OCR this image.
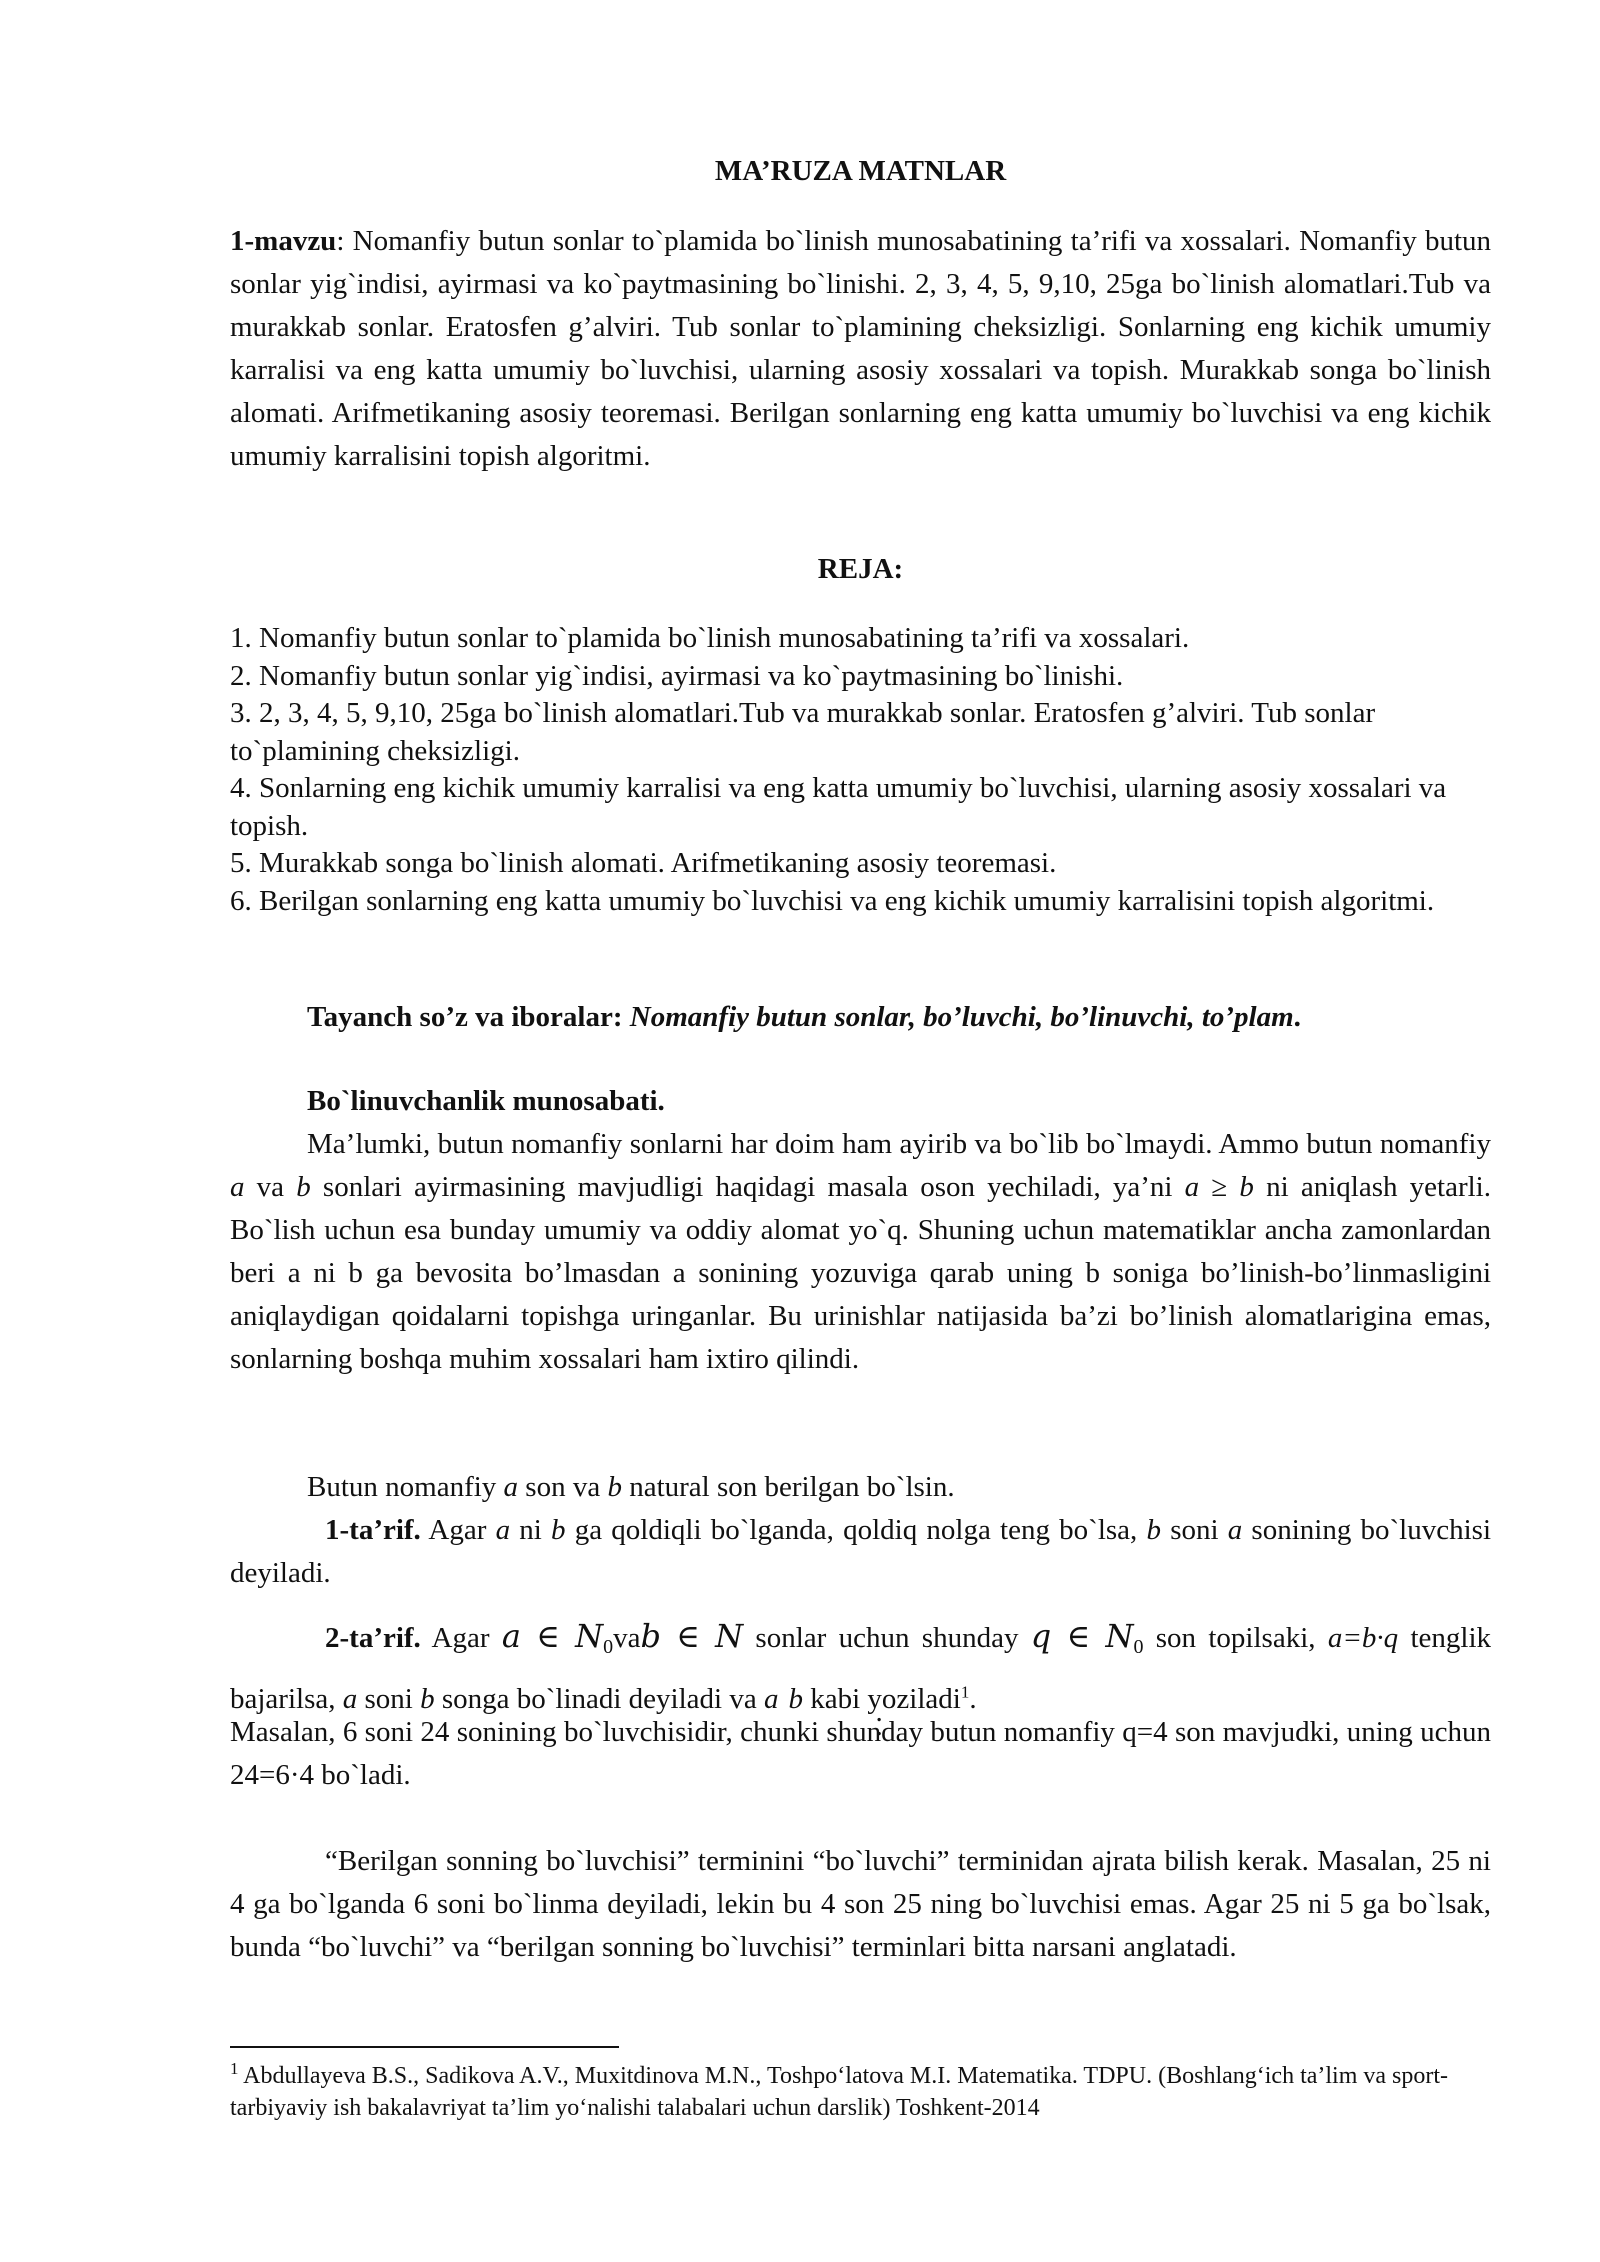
MA’RUZA MATNLAR
1-mavzu: Nomanfiy butun sonlar to`plamida bo`linish munosabatining ta’rifi va xossalari. Nomanfiy butun sonlar yig`indisi, ayirmasi va ko`paytmasining bo`linishi. 2, 3, 4, 5, 9,10, 25ga bo`linish alomatlari.Tub va murakkab sonlar. Eratosfen g’alviri. Tub sonlar to`plamining cheksizligi. Sonlarning eng kichik umumiy karralisi va eng katta umumiy bo`luvchisi, ularning asosiy xossalari va topish. Murakkab songa bo`linish alomati. Arifmetikaning asosiy teoremasi. Berilgan sonlarning eng katta umumiy bo`luvchisi va eng kichik umumiy karralisini topish algoritmi.
REJA:
1. Nomanfiy butun sonlar to`plamida bo`linish munosabatining ta’rifi va xossalari.
2. Nomanfiy butun sonlar yig`indisi, ayirmasi va ko`paytmasining bo`linishi.
3. 2, 3, 4, 5, 9,10, 25ga bo`linish alomatlari.Tub va murakkab sonlar. Eratosfen g’alviri. Tub sonlar to`plamining cheksizligi.
4. Sonlarning eng kichik umumiy karralisi va eng katta umumiy bo`luvchisi, ularning asosiy xossalari va topish.
5. Murakkab songa bo`linish alomati. Arifmetikaning asosiy teoremasi.
6. Berilgan sonlarning eng katta umumiy bo`luvchisi va eng kichik umumiy karralisini topish algoritmi.
Tayanch so’z va iboralar: Nomanfiy butun sonlar, bo’luvchi, bo’linuvchi, to’plam.
Bo`linuvchanlik munosabati.
Ma’lumki, butun nomanfiy sonlarni har doim ham ayirib va bo`lib bo`lmaydi. Ammo butun nomanfiy a va b sonlari ayirmasining mavjudligi haqidagi masala oson yechiladi, ya’ni a ≥ b ni aniqlash yetarli. Bo`lish uchun esa bunday umumiy va oddiy alomat yo`q. Shuning uchun matematiklar ancha zamonlardan beri a ni b ga bevosita bo’lmasdan a sonining yozuviga qarab uning b soniga bo’linish-bo’linmasligini aniqlaydigan qoidalarni topishga uringanlar. Bu urinishlar natijasida ba’zi bo’linish alomatlarigina emas, sonlarning boshqa muhim xossalari ham ixtiro qilindi.
Butun nomanfiy a son va b natural son berilgan bo`lsin.
1-ta’rif. Agar a ni b ga qoldiqli bo`lganda, qoldiq nolga teng bo`lsa, b soni a sonining bo`luvchisi deyiladi.
2-ta’rif. Agar a ∈ $N_0vab$ ∈ N sonlar uchun shunday q ∈ $N_0$ son topilsaki, a=b·q tenglik bajarilsa, a soni b songa bo`linadi deyiladi va a b kabi yoziladi$^1$.
Masalan, 6 soni 24 sonining bo`luvchisidir, chunki shunday butun nomanfiy q=4 son mavjudki, uning uchun 24=6·4 bo`ladi.
“Berilgan sonning bo`luvchisi” terminini “bo`luvchi” terminidan ajrata bilish kerak. Masalan, 25 ni 4 ga bo`lganda 6 soni bo`linma deyiladi, lekin bu 4 son 25 ning bo`luvchisi emas. Agar 25 ni 5 ga bo`lsak, bunda “bo`luvchi” va “berilgan sonning bo`luvchisi” terminlari bitta narsani anglatadi.
$^1$ Abdullayeva B.S., Sadikova A.V., Muxitdinova M.N., Toshpo‘latova M.I. Matematika. TDPU. (Boshlang‘ich ta’lim va sport-tarbiyaviy ish bakalavriyat ta’lim yo‘nalishi talabalari uchun darslik) Toshkent-2014
